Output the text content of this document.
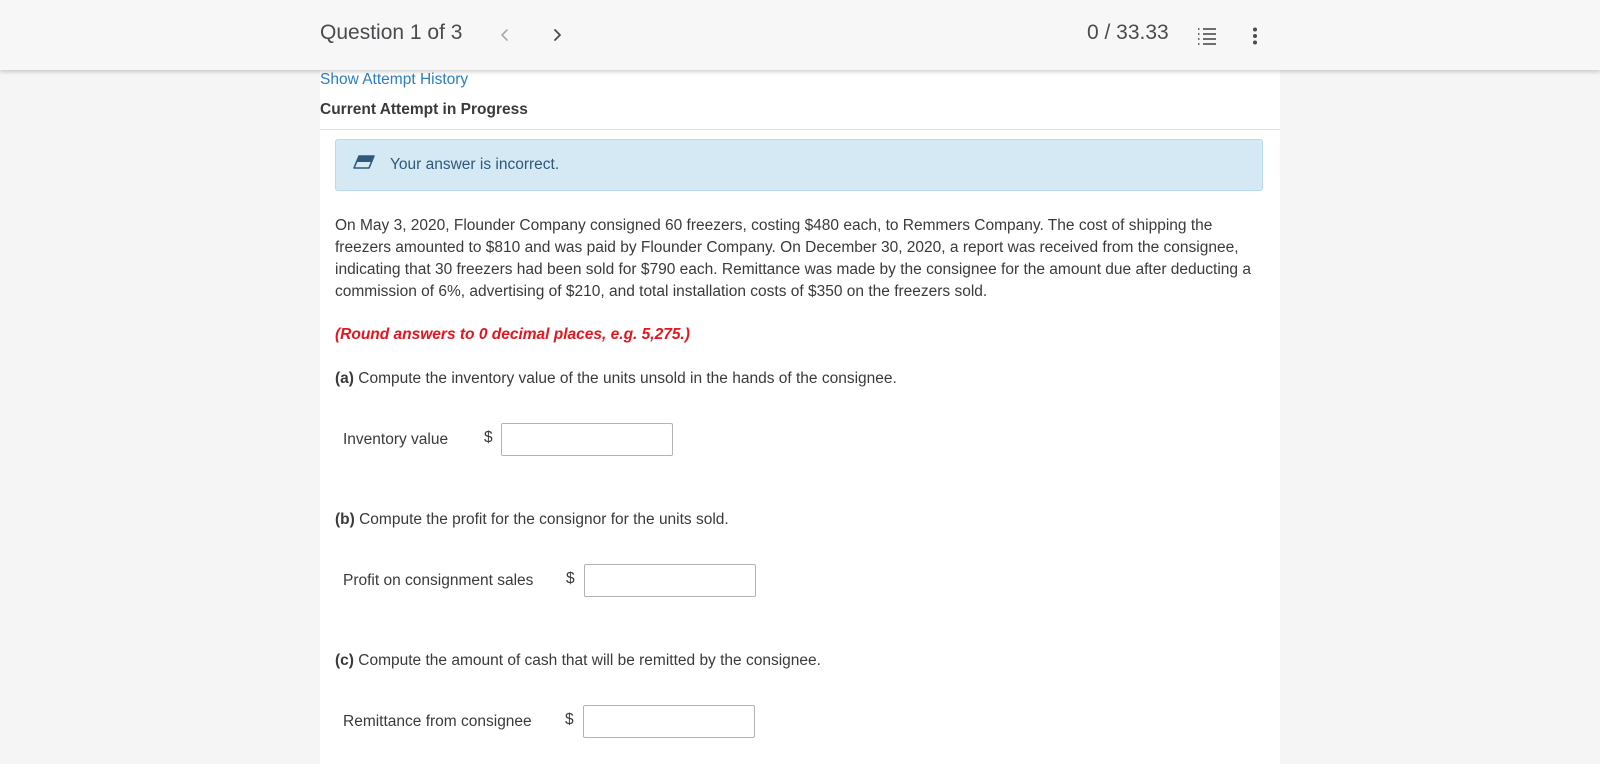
Question 1 of 3	0 / 33.33
Show Attempt History
Current Attempt in Progress
Your answer is incorrect.
On May 3, 2020, Flounder Company consigned 60 freezers, costing $480 each, to Remmers Company. The cost of shipping the freezers amounted to $810 and was paid by Flounder Company. On December 30, 2020, a report was received from the consignee, indicating that 30 freezers had been sold for $790 each. Remittance was made by the consignee for the amount due after deducting a commission of 6%, advertising of $210, and total installation costs of $350 on the freezers sold.
(Round answers to 0 decimal places, e.g. 5,275.)
(a) Compute the inventory value of the units unsold in the hands of the consignee.
Inventory value $
(b) Compute the profit for the consignor for the units sold.
Profit on consignment sales $
(c) Compute the amount of cash that will be remitted by the consignee.
Remittance from consignee $
